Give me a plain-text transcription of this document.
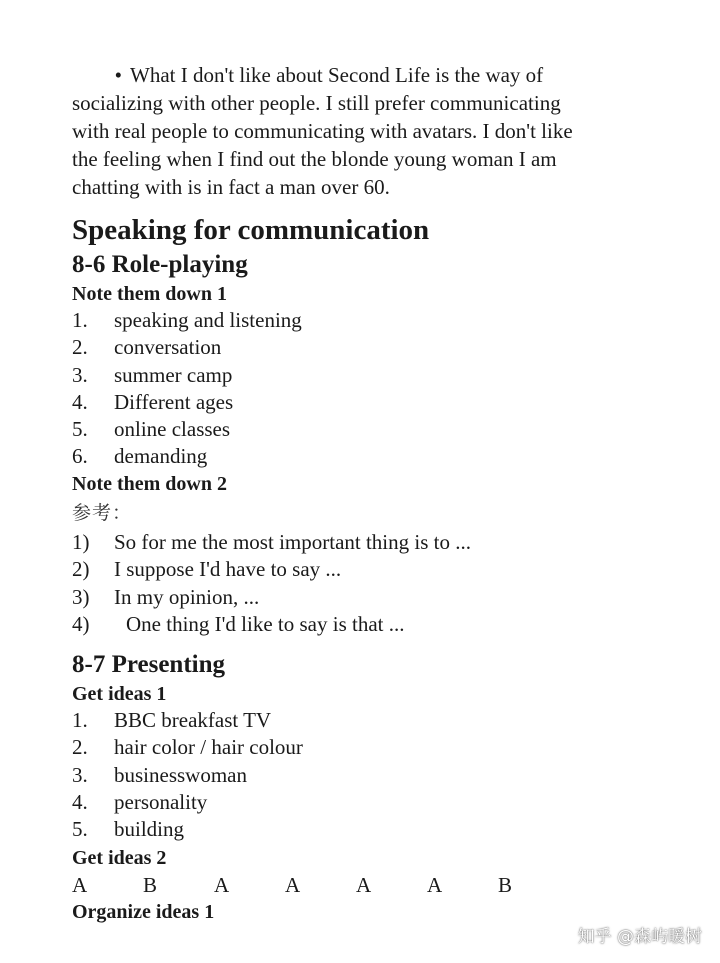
• What I don't like about Second Life is the way of
socializing with other people. I still prefer communicating
with real people to communicating with avatars. I don't like
the feeling when I find out the blonde young woman I am
chatting with is in fact a man over 60.
Speaking for communication
8-6 Role-playing
Note them down 1
1. speaking and listening
2. conversation
3. summer camp
4. Different ages
5. online classes
6. demanding
Note them down 2
参考：
1) So for me the most important thing is to ...
2) I suppose I'd have to say ...
3) In my opinion, ...
4) One thing I'd like to say is that ...
8-7 Presenting
Get ideas 1
1. BBC breakfast TV
2. hair color / hair colour
3. businesswoman
4. personality
5. building
Get ideas 2
A	B	A	A	A	A	B
Organize ideas 1
知乎 @森屿暖树
